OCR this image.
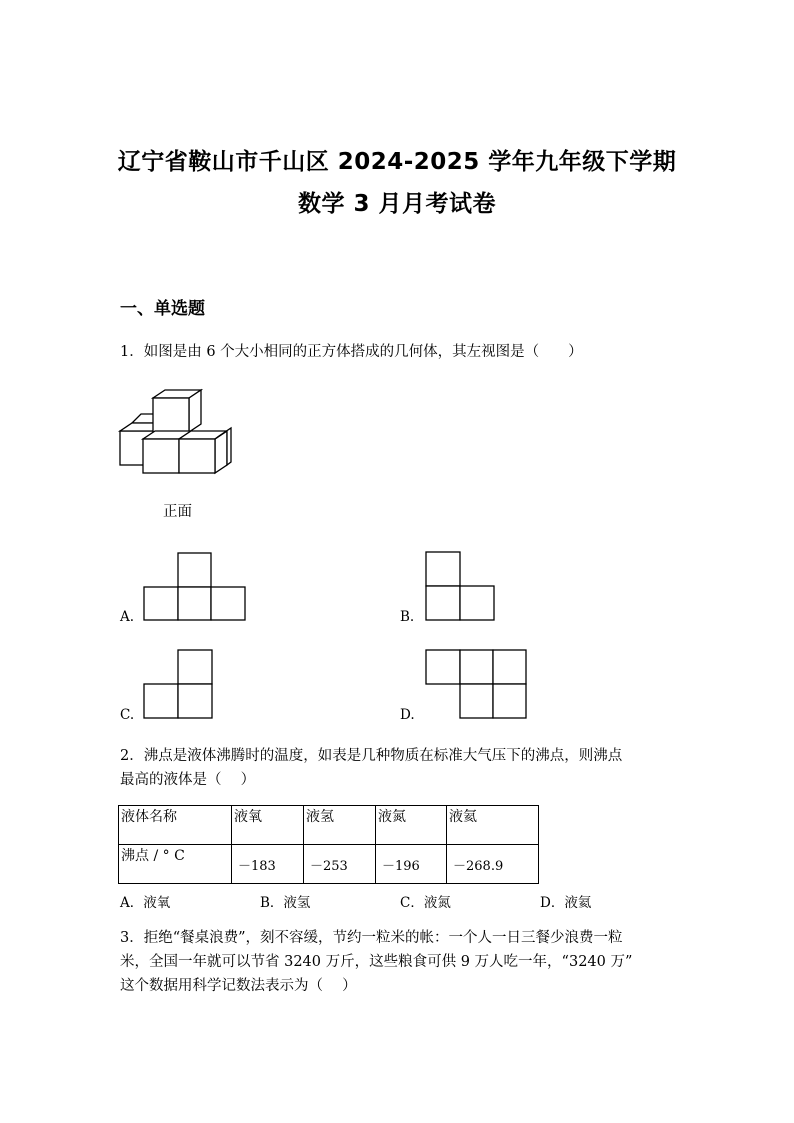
辽宁省鞍山市千山区 2024-2025 学年九年级下学期
数学 3 月月考试卷
一、单选题
1．如图是由 6 个大小相同的正方体搭成的几何体，其左视图是（　　）
正面
A.	B.
C.	D.
2．沸点是液体沸腾时的温度，如表是几种物质在标准大气压下的沸点，则沸点
最高的液体是（　 ）
液体名称	液氧	液氢	液氮	液氦
沸点 / ° C	－183	－253	－196	－268.9
A．液氧	B．液氢	C．液氮	D．液氦
3．拒绝“餐桌浪费”，刻不容缓，节约一粒米的帐：一个人一日三餐少浪费一粒
米，全国一年就可以节省 3240 万斤，这些粮食可供 9 万人吃一年，“3240 万”
这个数据用科学记数法表示为（　 ）
